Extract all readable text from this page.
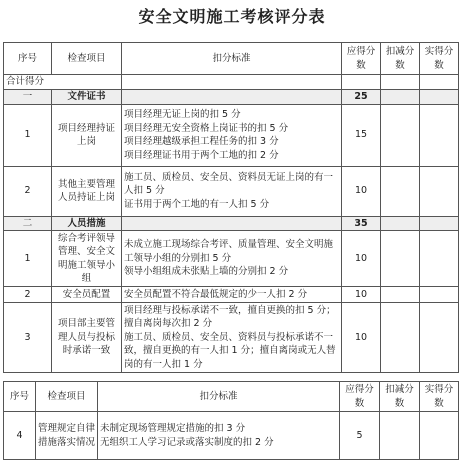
安全文明施工考核评分表
序号	检查项目	扣分标准	应得分数	扣减分数	实得分数
合计得分					
一	文件证书		25		
1	项目经理持证上岗	项目经理无证上岗的扣 5 分
项目经理无安全资格上岗证书的扣 5 分
项目经理越级承担工程任务的扣 3 分
项目经理证书用于两个工地的扣 2 分	15		
2	其他主要管理人员持证上岗	施工员、质检员、安全员、资料员无证上岗的有一
人扣 5 分
证书用于两个工地的有一人扣 5 分	10		
二	人员措施		35		
1	综合考评领导管理、安全文明施工领导小组	未成立施工现场综合考评、质量管理、安全文明施
工领导小组的分别扣 5 分
领导小组组成未张贴上墙的分别扣 2 分	10		
2	安全员配置	安全员配置不符合最低规定的少一人扣 2 分	10		
3	项目部主要管理人员与投标时承诺一致	项目经理与投标承诺不一致，擅自更换的扣 5 分；
擅自离岗每次扣 2 分
施工员、质检员、安全员、资料员与投标承诺不一
致，擅自更换的有一人扣 1 分；擅自离岗或无人替
岗的有一人扣 1 分	10		
序号	检查项目	扣分标准	应得分数	扣减分数	实得分数
4	管理规定自律措施落实情况	未制定现场管理规定措施的扣 3 分
无组织工人学习记录或落实制度的扣 2 分	5		
